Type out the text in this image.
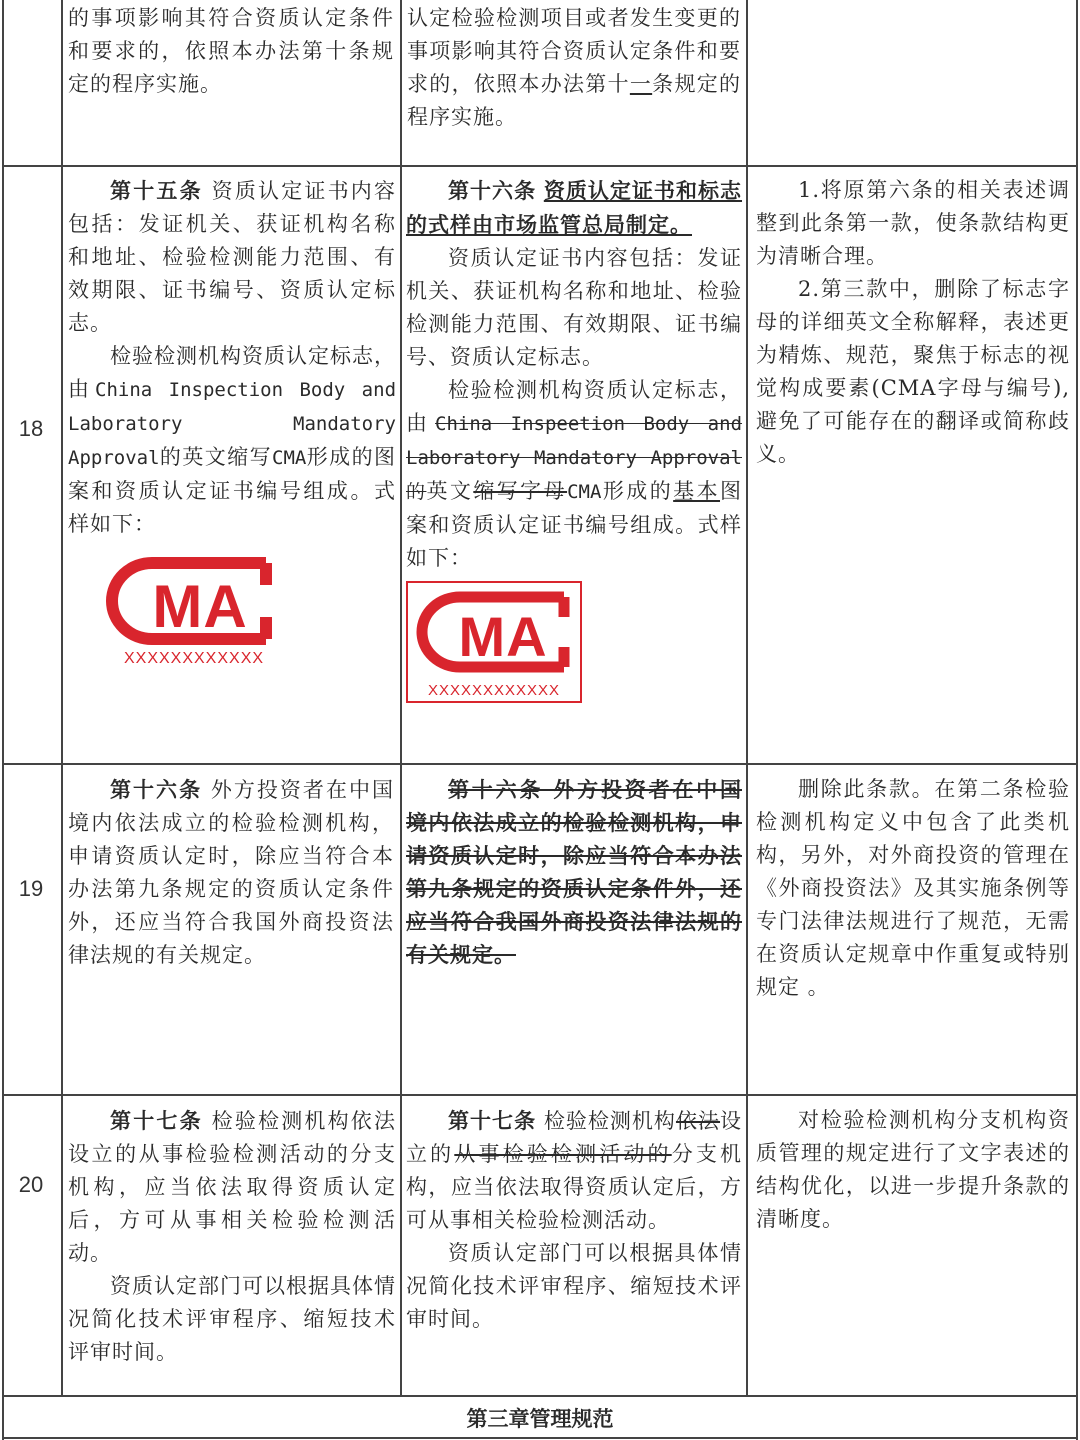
的事项影响其符合资质认定条件和要求的，依照本办法第十条规定的程序实施。

认定检验检测项目或者发生变更的事项影响其符合资质认定条件和要求的，依照本办法第十一条规定的程序实施。

18

第十五条 资质认定证书内容包括：发证机关、获证机构名称和地址、检验检测能力范围、有效期限、证书编号、资质认定标志。

检验检测机构资质认定标志，由China Inspection Body and Laboratory Mandatory Approval的英文缩写CMA形成的图案和资质认定证书编号组成。式样如下：

MA
XXXXXXXXXXXX

第十六条 资质认定证书和标志的式样由市场监管总局制定。

资质认定证书内容包括：发证机关、获证机构名称和地址、检验检测能力范围、有效期限、证书编号、资质认定标志。

检验检测机构资质认定标志，由China Inspeetion Body and Laboratory Mandatory Approval的英文缩写字母CMA形成的基本图案和资质认定证书编号组成。式样如下：

MA
XXXXXXXXXXXX

1.将原第六条的相关表述调整到此条第一款，使条款结构更为清晰合理。

2.第三款中，删除了标志字母的详细英文全称解释，表述更为精炼、规范，聚焦于标志的视觉构成要素(CMA字母与编号),避免了可能存在的翻译或简称歧义。

19

第十六条 外方投资者在中国境内依法成立的检验检测机构，申请资质认定时，除应当符合本办法第九条规定的资质认定条件外，还应当符合我国外商投资法律法规的有关规定。

第十六条 外方投资者在中国境内依法成立的检验检测机构，申请资质认定时，除应当符合本办法第九条规定的资质认定条件外，还应当符合我国外商投资法律法规的有关规定。

删除此条款。在第二条检验检测机构定义中包含了此类机构，另外，对外商投资的管理在《外商投资法》及其实施条例等专门法律法规进行了规范，无需在资质认定规章中作重复或特别规定 。

20

第十七条 检验检测机构依法设立的从事检验检测活动的分支机构，应当依法取得资质认定后，方可从事相关检验检测活动。

资质认定部门可以根据具体情况简化技术评审程序、缩短技术评审时间。

第十七条 检验检测机构依法设立的从事检验检测活动的分支机构，应当依法取得资质认定后，方可从事相关检验检测活动。

资质认定部门可以根据具体情况简化技术评审程序、缩短技术评审时间。

对检验检测机构分支机构资质管理的规定进行了文字表述的结构优化，以进一步提升条款的清晰度。

第三章管理规范
